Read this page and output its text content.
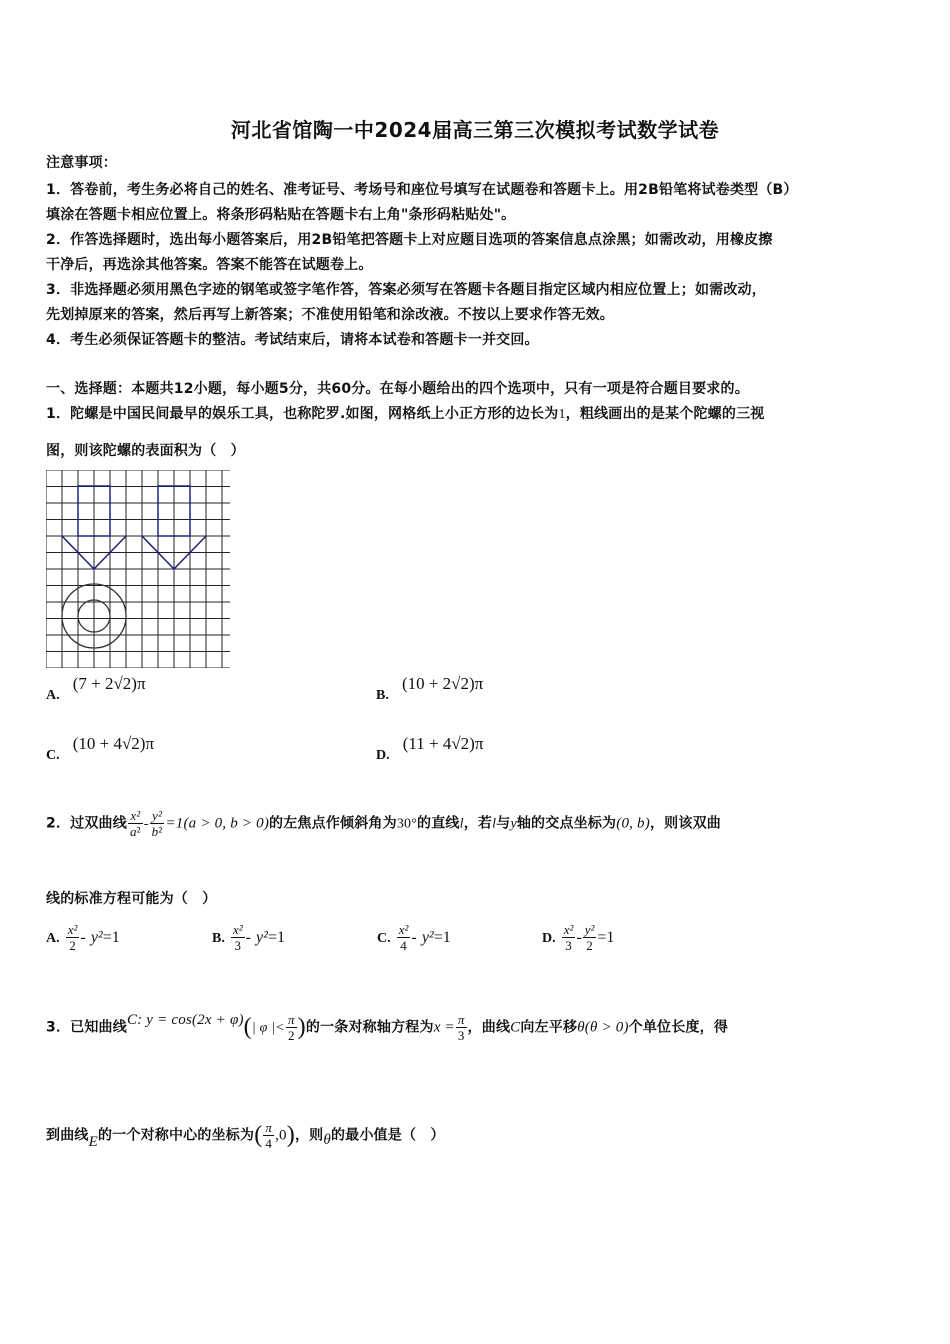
河北省馆陶一中2024届高三第三次模拟考试数学试卷
注意事项：
1．答卷前，考生务必将自己的姓名、准考证号、考场号和座位号填写在试题卷和答题卡上。用2B铅笔将试卷类型（B）
填涂在答题卡相应位置上。将条形码粘贴在答题卡右上角"条形码粘贴处"。
2．作答选择题时，选出每小题答案后，用2B铅笔把答题卡上对应题目选项的答案信息点涂黑；如需改动，用橡皮擦
干净后，再选涂其他答案。答案不能答在试题卷上。
3．非选择题必须用黑色字迹的钢笔或签字笔作答，答案必须写在答题卡各题目指定区域内相应位置上；如需改动，
先划掉原来的答案，然后再写上新答案；不准使用铅笔和涂改液。不按以上要求作答无效。
4．考生必须保证答题卡的整洁。考试结束后，请将本试卷和答题卡一并交回。
一、选择题：本题共12小题，每小题5分，共60分。在每小题给出的四个选项中，只有一项是符合题目要求的。
1．陀螺是中国民间最早的娱乐工具，也称陀罗.如图，网格纸上小正方形的边长为1，粗线画出的是某个陀螺的三视
图，则该陀螺的表面积为（　）
A. (7 + 2√2)π
B. (10 + 2√2)π
C. (10 + 4√2)π
D. (11 + 4√2)π
2．过双曲线 $\frac{\text{x²}}{\text{a²}} - \frac{\text{y²}}{\text{b²}} =1(a > 0$, b > 0)的左焦点作倾斜角为30°的直线l，若l与y轴的交点坐标为(0, b)，则该双曲
线的标准方程可能为（　）
A. $\frac{\text{x²}}{2} - y^2=1$	B. $\frac{\text{x²}}{3} - y^2=1$	C. $\frac{\text{x²}}{4} - y^2=1$	D. $\frac{\text{x²}}{3} - \frac{\text{y²}}{2} =1$
3．已知曲线C: y = cos(2x + φ)(| φ |< $\frac{\pi}{2}$ )的一条对称轴方程为$x = \frac{\pi}{3}$ ，曲线C向左平移θ(θ > 0)个单位长度，得
到曲线E的一个对称中心的坐标为( $\frac{\pi}{4} ,0$)，则θ的最小值是（　）
